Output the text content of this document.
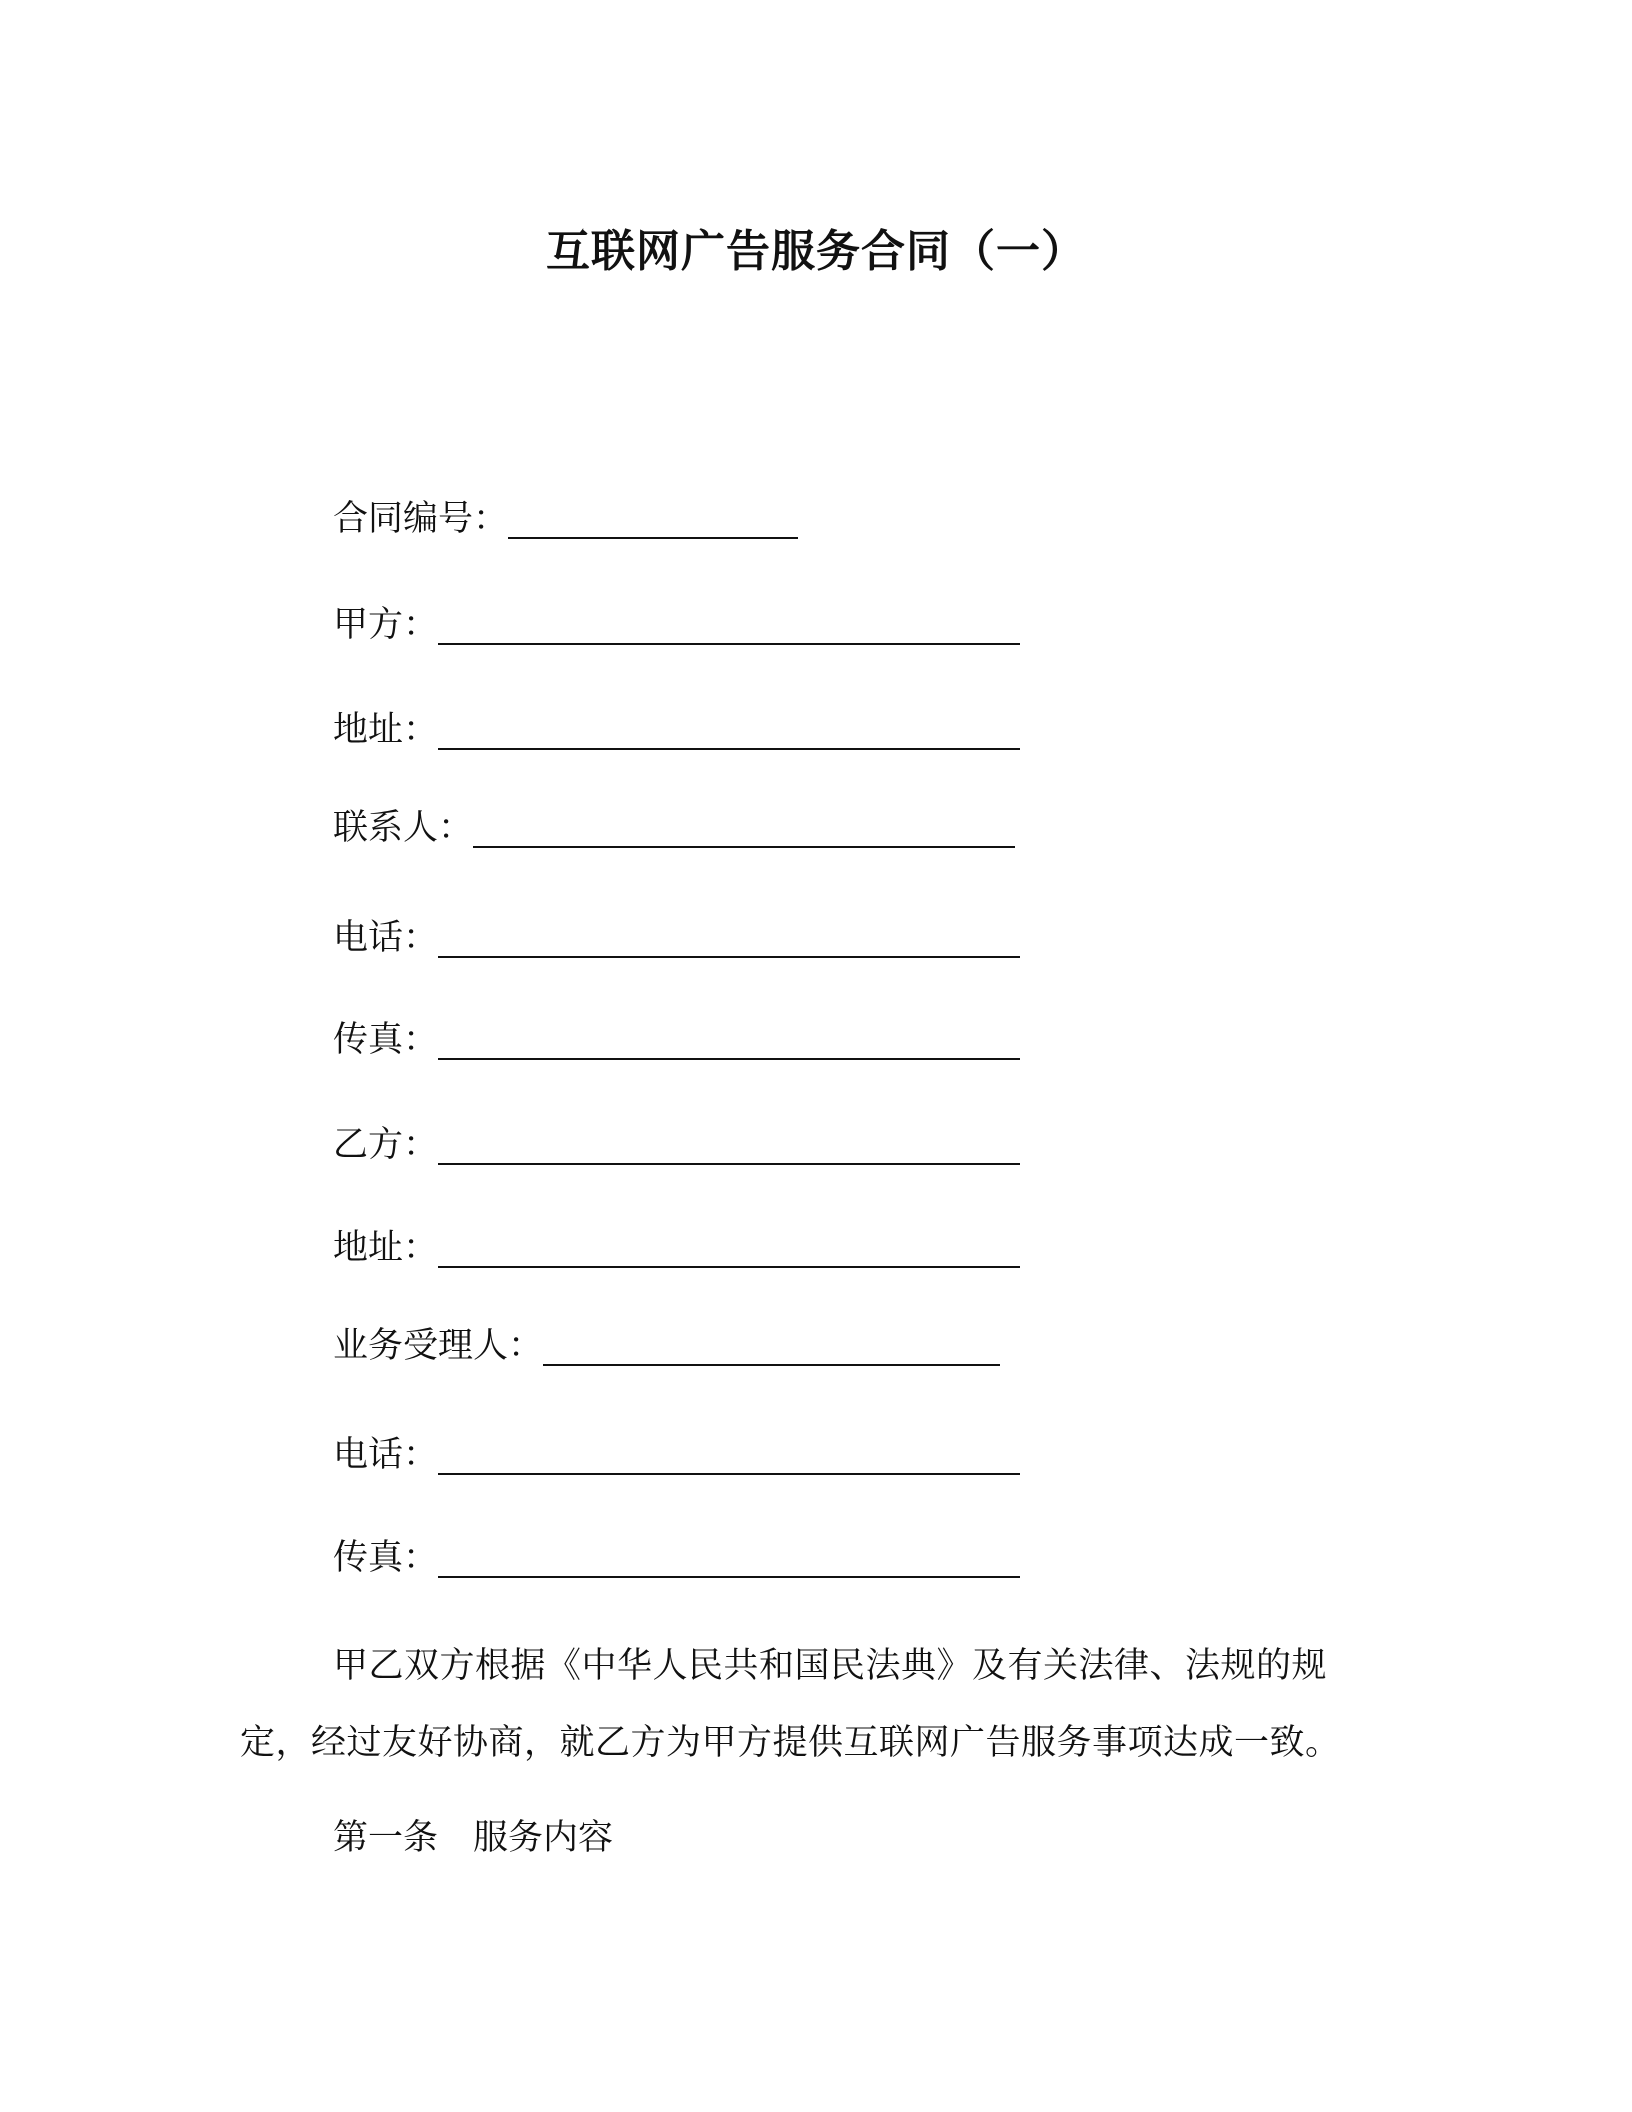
互联网广告服务合同（一）
合同编号：
甲方：
地址：
联系人：
电话：
传真：
乙方：
地址：
业务受理人：
电话：
传真：
甲乙双方根据《中华人民共和国民法典》及有关法律、法规的规定，经过友好协商，就乙方为甲方提供互联网广告服务事项达成一致。
第一条　服务内容
